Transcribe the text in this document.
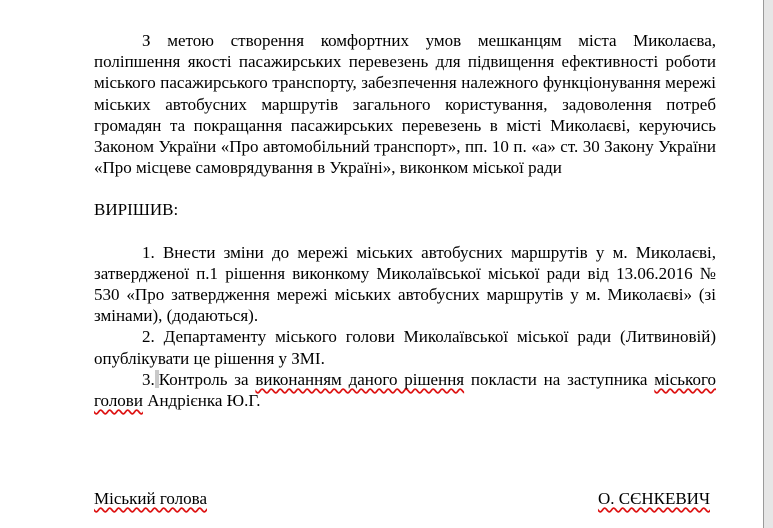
З метою створення комфортних умов мешканцям міста Миколаєва, поліпшення якості пасажирських перевезень для підвищення ефективності роботи міського пасажирського транспорту, забезпечення належного функціонування мережі міських автобусних маршрутів загального користування, задоволення потреб громадян та покращання пасажирських перевезень в місті Миколаєві, керуючись Законом України «Про автомобільний транспорт», пп. 10 п. «а» ст. 30 Закону України «Про місцеве самоврядування в Україні», виконком міської ради

ВИРІШИВ:

1. Внести зміни до мережі міських автобусних маршрутів у м. Миколаєві, затвердженої п.1 рішення виконкому Миколаївської міської ради від 13.06.2016 № 530 «Про затвердження мережі міських автобусних маршрутів у м. Миколаєві» (зі змінами), (додаються).

2. Департаменту міського голови Миколаївської міської ради (Литвиновій) опублікувати це рішення у ЗМІ.

3. Контроль за виконанням даного рішення покласти на заступника міського голови Андрієнка Ю.Г.

Міський голова	О. СЄНКЕВИЧ
